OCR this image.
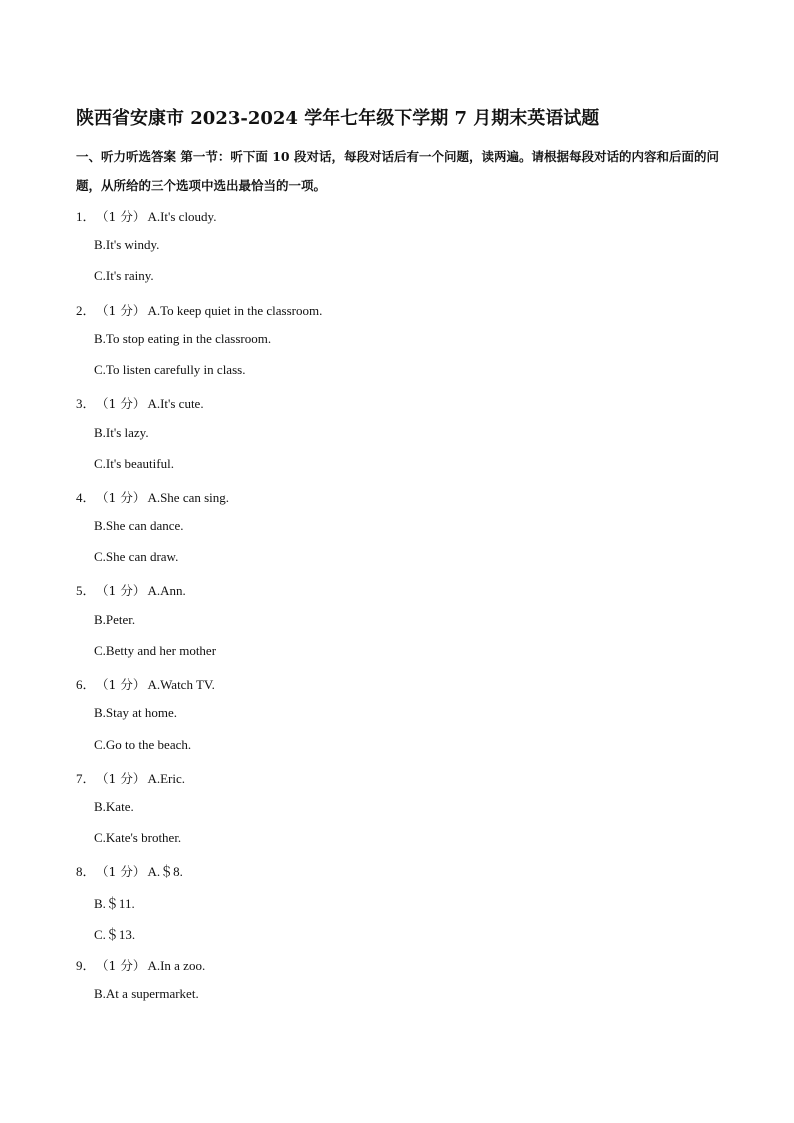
陕西省安康市 2023-2024 学年七年级下学期 7 月期末英语试题
一、听力听选答案 第一节：听下面 10 段对话，每段对话后有一个问题，读两遍。请根据每段对话的内容和后面的问题，从所给的三个选项中选出最恰当的一项。
1．（1 分） A.It's cloudy.
B.It's windy.
C.It's rainy.
2．（1 分） A.To keep quiet in the classroom.
B.To stop eating in the classroom.
C.To listen carefully in class.
3．（1 分） A.It's cute.
B.It's lazy.
C.It's beautiful.
4．（1 分） A.She can sing.
B.She can dance.
C.She can draw.
5．（1 分） A.Ann.
B.Peter.
C.Betty and her mother
6．（1 分） A.Watch TV.
B.Stay at home.
C.Go to the beach.
7．（1 分） A.Eric.
B.Kate.
C.Kate's brother.
8．（1 分） A.＄8.
B.＄11.
C.＄13.
9．（1 分） A.In a zoo.
B.At a supermarket.
